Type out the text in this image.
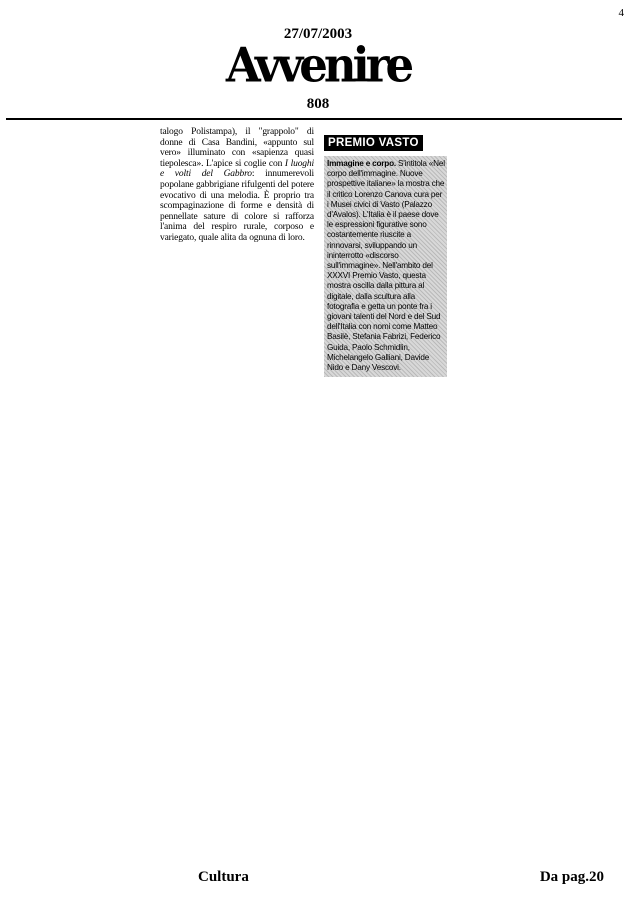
4
27/07/2003
Avvenire
808

talogo Polistampa), il "grappolo" di donne di Casa Bandini, «appunto sul vero» illuminato con «sapienza quasi tiepolesca». L'apice si coglie con I luoghi e volti del Gabbro: innumerevoli popolane gabbrigiane rifulgenti del potere evocativo di una melodia. È proprio tra scompaginazione di forme e densità di pennellate sature di colore si rafforza l'anima del respiro rurale, corposo e variegato, quale alita da ognuna di loro.

PREMIO VASTO

Immagine e corpo. S'intitola «Nel corpo dell'immagine. Nuove prospettive italiane» la mostra che il critico Lorenzo Canova cura per i Musei civici di Vasto (Palazzo d'Avalos). L'Italia è il paese dove le espressioni figurative sono costantemente riuscite a rinnovarsi, sviluppando un ininterrotto «discorso sull'immagine». Nell'ambito del XXXVI Premio Vasto, questa mostra oscilla dalla pittura al digitale, dalla scultura alla fotografia e getta un ponte fra i giovani talenti del Nord e del Sud dell'Italia con nomi come Matteo Basilè, Stefania Fabrizi, Federico Guida, Paolo Schmidlin, Michelangelo Galliani, Davide Nido e Dany Vescovi.

Cultura	Da pag.20
